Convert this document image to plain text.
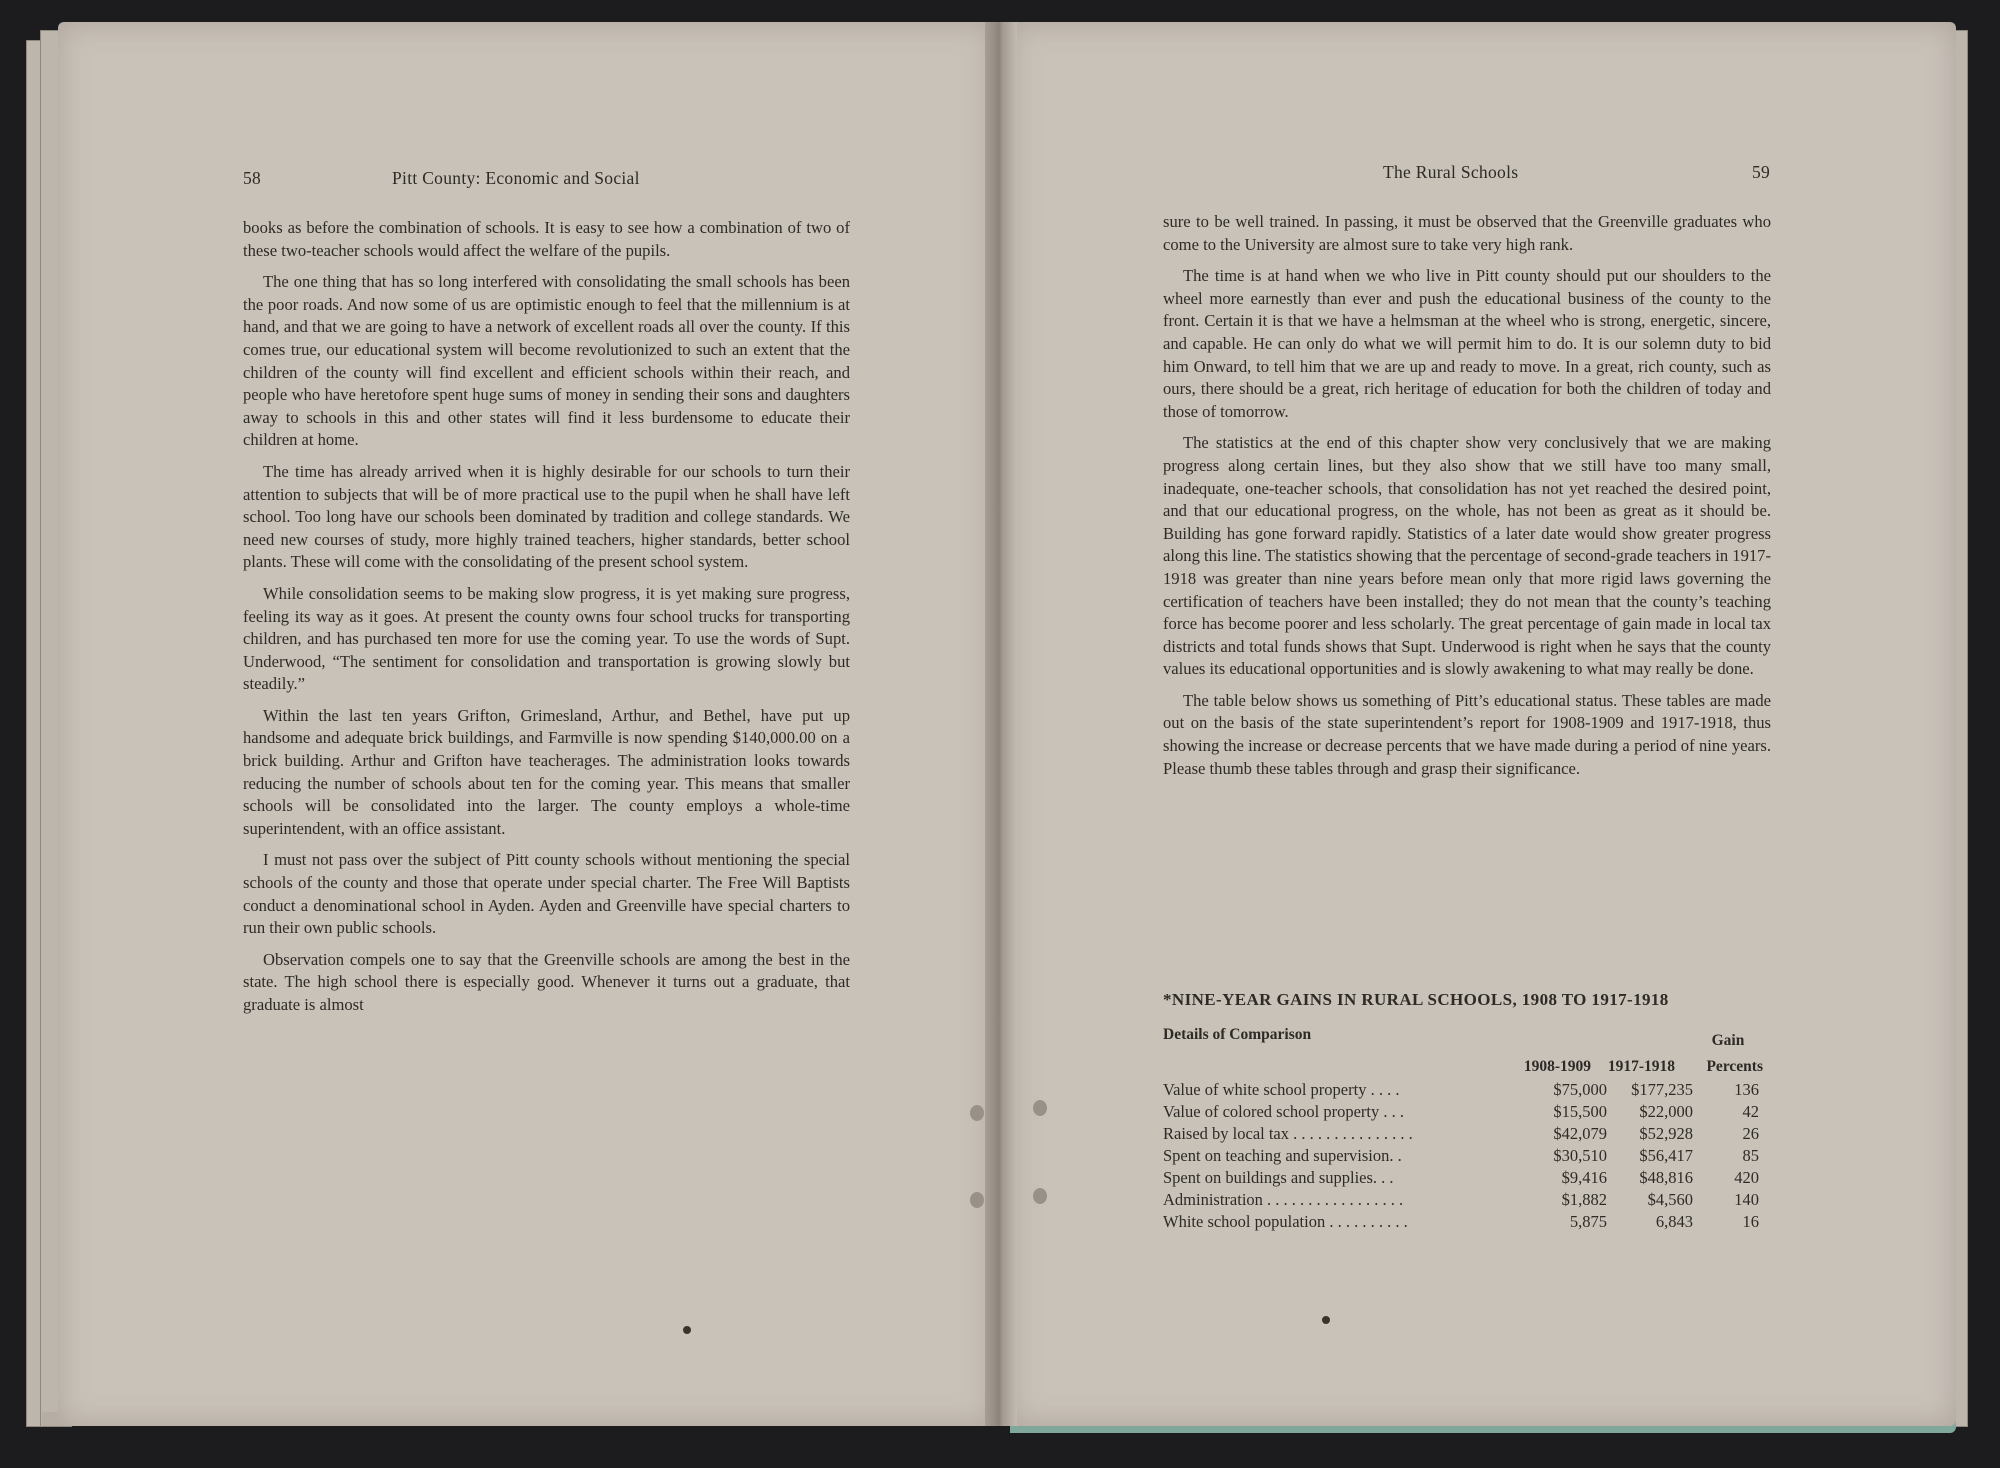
58	Pitt County: Economic and Social

books as before the combination of schools. It is easy to see how a combination of two of these two-teacher schools would affect the welfare of the pupils.

The one thing that has so long interfered with consolidating the small schools has been the poor roads. And now some of us are optimistic enough to feel that the millennium is at hand, and that we are going to have a network of excellent roads all over the county. If this comes true, our educational system will become revolutionized to such an extent that the children of the county will find excellent and efficient schools within their reach, and people who have heretofore spent huge sums of money in sending their sons and daughters away to schools in this and other states will find it less burdensome to educate their children at home.

The time has already arrived when it is highly desirable for our schools to turn their attention to subjects that will be of more practical use to the pupil when he shall have left school. Too long have our schools been dominated by tradition and college standards. We need new courses of study, more highly trained teachers, higher standards, better school plants. These will come with the consolidating of the present school system.

While consolidation seems to be making slow progress, it is yet making sure progress, feeling its way as it goes. At present the county owns four school trucks for transporting children, and has purchased ten more for use the coming year. To use the words of Supt. Underwood, “The sentiment for consolidation and transportation is growing slowly but steadily.”

Within the last ten years Grifton, Grimesland, Arthur, and Bethel, have put up handsome and adequate brick buildings, and Farmville is now spending $140,000.00 on a brick building. Arthur and Grifton have teacherages. The administration looks towards reducing the number of schools about ten for the coming year. This means that smaller schools will be consolidated into the larger. The county employs a whole-time superintendent, with an office assistant.

I must not pass over the subject of Pitt county schools without mentioning the special schools of the county and those that operate under special charter. The Free Will Baptists conduct a denominational school in Ayden. Ayden and Greenville have special charters to run their own public schools.

Observation compels one to say that the Greenville schools are among the best in the state. The high school there is especially good. Whenever it turns out a graduate, that graduate is almost

The Rural Schools	59

sure to be well trained. In passing, it must be observed that the Greenville graduates who come to the University are almost sure to take very high rank.

The time is at hand when we who live in Pitt county should put our shoulders to the wheel more earnestly than ever and push the educational business of the county to the front. Certain it is that we have a helmsman at the wheel who is strong, energetic, sincere, and capable. He can only do what we will permit him to do. It is our solemn duty to bid him Onward, to tell him that we are up and ready to move. In a great, rich county, such as ours, there should be a great, rich heritage of education for both the children of today and those of tomorrow.

The statistics at the end of this chapter show very conclusively that we are making progress along certain lines, but they also show that we still have too many small, inadequate, one-teacher schools, that consolidation has not yet reached the desired point, and that our educational progress, on the whole, has not been as great as it should be. Building has gone forward rapidly. Statistics of a later date would show greater progress along this line. The statistics showing that the percentage of second-grade teachers in 1917-1918 was greater than nine years before mean only that more rigid laws governing the certification of teachers have been installed; they do not mean that the county’s teaching force has become poorer and less scholarly. The great percentage of gain made in local tax districts and total funds shows that Supt. Underwood is right when he says that the county values its educational opportunities and is slowly awakening to what may really be done.

The table below shows us something of Pitt’s educational status. These tables are made out on the basis of the state superintendent’s report for 1908-1909 and 1917-1918, thus showing the increase or decrease percents that we have made during a period of nine years. Please thumb these tables through and grasp their significance.

*NINE-YEAR GAINS IN RURAL SCHOOLS, 1908 TO 1917-1918
Details of Comparison	Gain
1908-1909	1917-1918	Percents
Value of white school property . . . .	$75,000 $177,235	136
Value of colored school property . . .	$15,500 $22,000	42
Raised by local tax . . . . . . . . . . . . . . .	$42,079 $52,928	26
Spent on teaching and supervision. .	$30,510 $56,417	85
Spent on buildings and supplies. . .	$9,416 $48,816	420
Administration . . . . . . . . . . . . . . . . .	$1,882 $4,560	140
White school population . . . . . . . . . .	5,875	6,843	16
